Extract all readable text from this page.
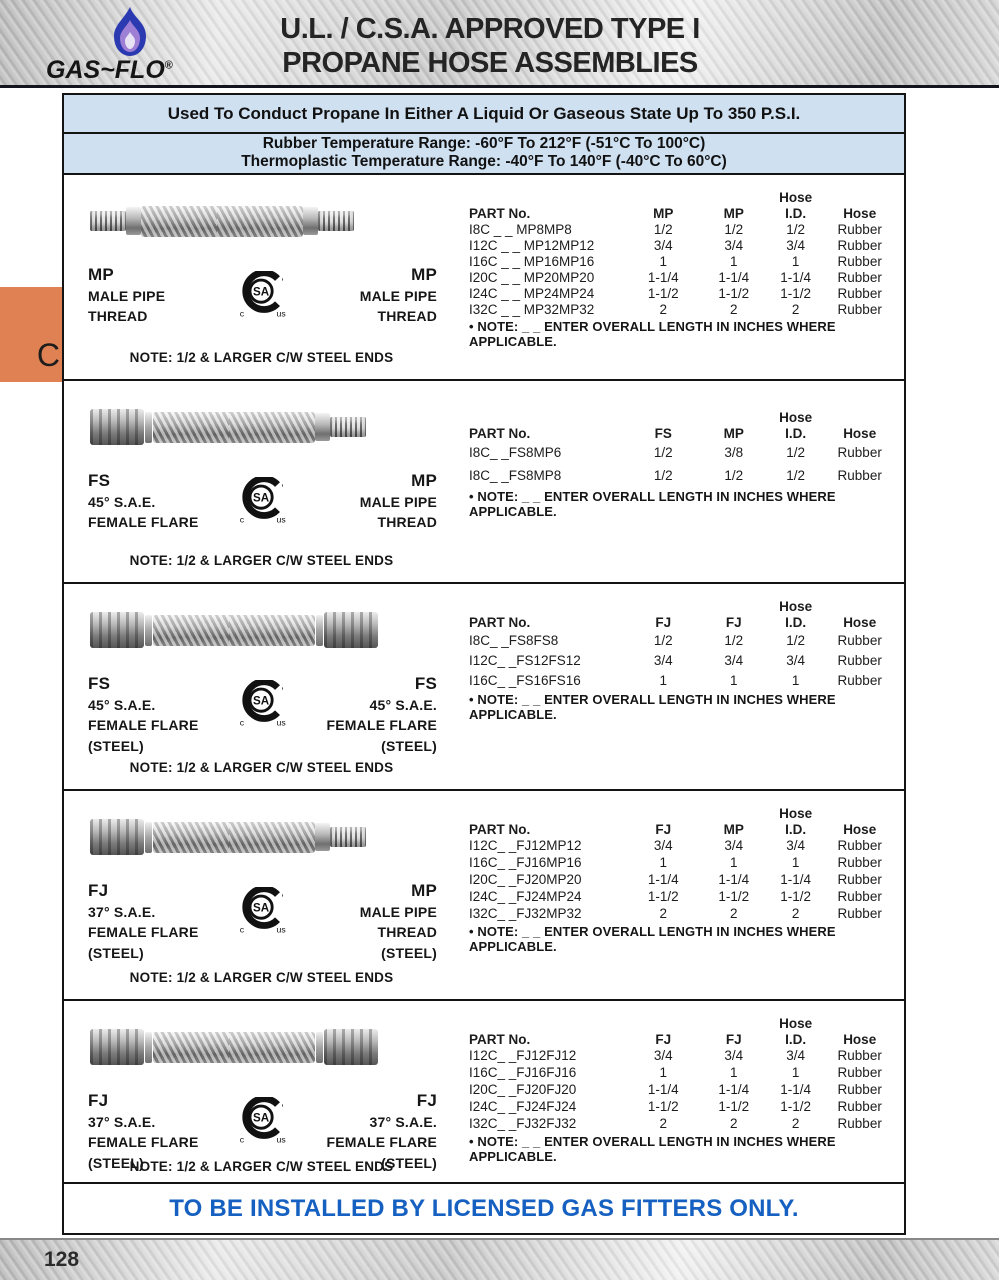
GAS~FLO®
U.L. / C.S.A. APPROVED TYPE I
PROPANE HOSE ASSEMBLIES
C
Used To Conduct Propane In Either A Liquid Or Gaseous State Up To 350 P.S.I.
Rubber Temperature Range: -60°F To 212°F (-51°C To 100°C)
Thermoplastic Temperature Range: -40°F To 140°F (-40°C To 60°C)
MP
MALE PIPE
THREAD
SA
’
c	us
MP
MALE PIPE
THREAD
NOTE: 1/2 & LARGER C/W STEEL ENDS
			Hose	
PART No.	MP	MP	I.D.	Hose
I8C _ _ MP8MP8	1/2	1/2	1/2	Rubber
I12C _ _ MP12MP12	3/4	3/4	3/4	Rubber
I16C _ _ MP16MP16	1	1	1	Rubber
I20C _ _ MP20MP20	1-1/4	1-1/4	1-1/4	Rubber
I24C _ _ MP24MP24	1-1/2	1-1/2	1-1/2	Rubber
I32C _ _ MP32MP32	2	2	2	Rubber
• NOTE: _ _ ENTER OVERALL LENGTH IN INCHES WHERE APPLICABLE.
FS
45° S.A.E.
FEMALE FLARE
SA
’
c	us
MP
MALE PIPE
THREAD
NOTE: 1/2 & LARGER C/W STEEL ENDS
			Hose	
PART No.	FS	MP	I.D.	Hose
I8C_ _FS8MP6	1/2	3/8	1/2	Rubber
I8C_ _FS8MP8	1/2	1/2	1/2	Rubber
• NOTE: _ _ ENTER OVERALL LENGTH IN INCHES WHERE APPLICABLE.
FS
45° S.A.E.
FEMALE FLARE
(STEEL)
SA
’
c	us
FS
45° S.A.E.
FEMALE FLARE
(STEEL)
NOTE: 1/2 & LARGER C/W STEEL ENDS
			Hose	
PART No.	FJ	FJ	I.D.	Hose
I8C_ _FS8FS8	1/2	1/2	1/2	Rubber
I12C_ _FS12FS12	3/4	3/4	3/4	Rubber
I16C_ _FS16FS16	1	1	1	Rubber
• NOTE: _ _ ENTER OVERALL LENGTH IN INCHES WHERE APPLICABLE.
FJ
37° S.A.E.
FEMALE FLARE
(STEEL)
SA
’
c	us
MP
MALE PIPE
THREAD
(STEEL)
NOTE: 1/2 & LARGER C/W STEEL ENDS
			Hose	
PART No.	FJ	MP	I.D.	Hose
I12C_ _FJ12MP12	3/4	3/4	3/4	Rubber
I16C_ _FJ16MP16	1	1	1	Rubber
I20C_ _FJ20MP20	1-1/4	1-1/4	1-1/4	Rubber
I24C_ _FJ24MP24	1-1/2	1-1/2	1-1/2	Rubber
I32C_ _FJ32MP32	2	2	2	Rubber
• NOTE: _ _ ENTER OVERALL LENGTH IN INCHES WHERE APPLICABLE.
FJ
37° S.A.E.
FEMALE FLARE
(STEEL)
SA
’
c	us
FJ
37° S.A.E.
FEMALE FLARE
(STEEL)
NOTE: 1/2 & LARGER C/W STEEL ENDS
			Hose	
PART No.	FJ	FJ	I.D.	Hose
I12C_ _FJ12FJ12	3/4	3/4	3/4	Rubber
I16C_ _FJ16FJ16	1	1	1	Rubber
I20C_ _FJ20FJ20	1-1/4	1-1/4	1-1/4	Rubber
I24C_ _FJ24FJ24	1-1/2	1-1/2	1-1/2	Rubber
I32C_ _FJ32FJ32	2	2	2	Rubber
• NOTE: _ _ ENTER OVERALL LENGTH IN INCHES WHERE APPLICABLE.
TO BE INSTALLED BY LICENSED GAS FITTERS ONLY.
128
